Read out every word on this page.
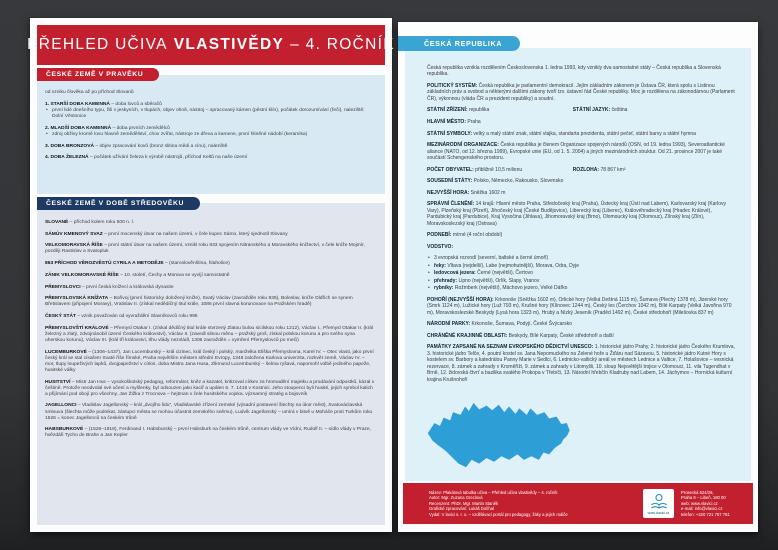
PŘEHLED UČIVA VLASTIVĚDY – 4. ROČNÍK
ČESKÉ ZEMĚ V PRAVĚKU

od vzniku člověka až po příchod Slovanů

1. STARŠÍ DOBA KAMENNÁ – doba lovců a sběračů

• první lidé dnešního typu, žili v jeskyních, v tlupách, objev ohně, nástroj – opracovaný kámen (pěstní klín), počátek dorozumívání (řeči), naleziště: Dolní Věstonice

2. MLADŠÍ DOBA KAMENNÁ – doba prvních zemědělců

• zdroj obživy kromě lovu hlavně zemědělství, chov zvířat, nástroje ze dřeva a kamene, první hliněné nádobí (keramika)

3. DOBA BRONZOVÁ – objev zpracování kovů (bronz slitina mědi a cínu), naleziště

4. DOBA ŽELEZNÁ – počátek užívání železa k výrobě nástrojů, příchod Keltů na naše území

ČESKÉ ZEMĚ V DOBĚ STŘEDOVĚKU

SLOVANÉ – příchod kolem roku 500 n. l.

SÁMŮV KMENOVÝ SVAZ – první mocenský útvar na našem území, v čele kupec Sámo, který sjednotil Slovany

VELKOMORAVSKÁ ŘÍŠE – první státní útvar na našem území, vznikl roku 833 spojením Nitranského a Moravského knížectví, v čele kníže Mojmír, později Rastislav a Svatopluk

863 PŘÍCHOD VĚROZVĚSTŮ CYRILA A METODĚJE – (staroslověnština, hlaholice)

ZÁNIK VELKOMORAVSKÉ ŘÍŠE – 10. století, Čechy a Morava se vyvíjí samostatně

PŘEMYSLOVCI – první česká knížecí a královská dynastie

PŘEMYSLOVSKÁ KNÍŽATA – Bořivoj (první historicky doložený kníže), Svatý Václav (zavražděn roku 935), Boleslav, kníže Oldřich se synem Břetislavem (připojení Moravy), Vratislav II. (získal nedědičný titul krále, 1086 první slavná korunovace na Pražském hradě)

ČESKÝ STÁT – vznik považován od vyvraždění Slavníkovců roku 995

PŘEMYSLOVŠTÍ KRÁLOVÉ – Přemysl Otakar I. (získal dědičný titul krále stvrzený Zlatou bulou sicilskou roku 1212), Václav I., Přemysl Otakar II. (král železný a zlatý, zdvojnásobil území Českého království), Václav II. (zavedl silnou měnu – pražský groš, získal polskou korunu a pro svého syna uherskou korunu), Václav III. (král tří království, tíhu vlády nezvládl, 1306 zavražděn = vymření Přemyslovců po meči)

LUCEMBURKOVÉ – (1306–1437), Jan Lucemburský – král cizinec, král český i polský, manželka Eliška Přemyslovna, Karel IV. – Otec vlasti, jako první český král se stal císařem Svaté říše římské, Praha největším městem střední Evropy, 1348 založena Karlova univerzita, rozkvět země, Václav IV. – mor, tlupy loupeživých lapků, dvojpapežství v církvi, doba Mistra Jana Husa, Zikmund Lucemburský – šelma ryšavá, napomohl volbě jediného papeže, husitské války

HUSITSTVÍ – Mistr Jan Hus – vysokoškolský pedagog, reformátor, kněz a kazatel, kritizoval církev za hromadění majetku a prodávání odpustků, kázal v češtině. Protože neodvolal své učení a myšlenky, byl odsouzen jako kacíř a upálen 6. 7. 1415 v Kostnici. Jeho stoupenci byli husité, jejich symbol kalich a přijímání pod obojí pro všechny. Jan Žižka z Trocnova – hejtman v čele husitského vojska, významný stratég a bojovník

JAGELLONCI – Vladislav Jagellonský – král „dvojího lidu“, Vladislavské zřízení zemské (výsadní postavení šlechty na úkor měst), Svatováclavská smlouva (šlechta může podnikat, zástupci města se mohou účastnit zemského sněmu), Ludvík Jagellonský – umírá v bitvě u Moháče proti Turkům roku 1526 = konec Jagellonců na českém trůně

HABSBURKOVÉ – (1526–1918), Ferdinand I. Habsburský – první Habsburk na českém trůně, centrum vlády ve Vídni, Rudolf II. – sídlo vlády v Praze, hvězdáři Tycho de Brahe a Jan Kepler

ČESKÁ REPUBLIKA

Česká republika vznikla rozdělením Československa 1. ledna 1993, kdy vznikly dva samostatné státy – Česká republika a Slovenská republika.

POLITICKÝ SYSTÉM: Česká republika je parlamentní demokracií. Jejím základním zákonem je Ústava ČR, která spolu s Listinou základních práv a svobod a některými dalšími zákony tvoří tzv. ústavní řád České republiky. Moc je rozdělena na zákonodárnou (Parlament ČR), výkonnou (vláda ČR a prezident republiky) a soudní.

STÁTNÍ ZŘÍZENÍ: republika	STÁTNÍ JAZYK: čeština

HLAVNÍ MĚSTO: Praha

STÁTNÍ SYMBOLY: velký a malý státní znak, státní vlajka, standarta prezidenta, státní pečeť, státní barvy a státní hymna

MEZINÁRODNÍ ORGANIZACE: Česká republika je členem Organizace spojených národů (OSN, od 19. ledna 1993), Severoatlantické aliance (NATO, od 12. března 1999), Evropské unie (EU, od 1. 5. 2004) a jiných mezinárodních struktur. Od 21. prosince 2007 je také součástí Schengenského prostoru.

POČET OBYVATEL: přibližně 10,5 milionu	ROZLOHA: 78 867 km²

SOUSEDNÍ STÁTY: Polsko, Německo, Rakousko, Slovensko

NEJVYŠŠÍ HORA: Sněžka 1602 m

SPRÁVNÍ ČLENĚNÍ: 14 krajů: Hlavní město Praha, Středočeský kraj (Praha), Ústecký kraj (Ústí nad Labem), Karlovarský kraj (Karlovy Vary), Plzeňský kraj (Plzeň), Jihočeský kraj (České Budějovice), Liberecký kraj (Liberec), Královéhradecký kraj (Hradec Králové), Pardubický kraj (Pardubice), Kraj Vysočina (Jihlava), Jihomoravský kraj (Brno), Olomoucký kraj (Olomouc), Zlínský kraj (Zlín), Moravskoslezský kraj (Ostrava)

PODNEBÍ: mírné (4 roční období)

VODSTVO:

• 3 evropská rozvodí (severní, baltské a černé úmoří)

• řeky: Vltava (nejdelší), Labe (nejmohutnější), Morava, Odra, Dyje

• ledovcová jezera: Černé (největší), Čertovo

• přehrady: Lipno (největší), Orlík, Slapy, Vranov

• rybníky: Rožmberk (největší), Máchovo jezero, Velké Dářko

POHOŘÍ (NEJVYŠŠÍ HORA): Krkonoše (Sněžka 1602 m), Orlické hory (Velká Deštná 1115 m), Šumava (Plechý 1378 m), Jizerské hory (Smrk 1124 m), Lužické hory (Luž 793 m), Krušné hory (Klínovec 1244 m), Český les (Čerchov 1042 m), Bílé Karpaty (Velká Javořina 970 m), Moravskoslezské Beskydy (Lysá hora 1323 m), Hrubý a Nízký Jeseník (Praděd 1492 m), České středohoří (Milešovka 837 m)

NÁRODNÍ PARKY: Krkonoše, Šumava, Podyjí, České Švýcarsko

CHRÁNĚNÉ KRAJINNÉ OBLASTI: Beskydy, Bílé Karpaty, České středohoří a další

PAMÁTKY ZAPSANÉ NA SEZNAM EVROPSKÉHO DĚDICTVÍ UNESCO: 1. historické jádro Prahy, 2. historické jádro Českého Krumlova, 3. historické jádro Telče, 4. poutní kostel sv. Jana Nepomuckého na Zelené hoře u Žďáru nad Sázavou, 5. historické jádro Kutné Hory s kostelem sv. Barbory a katedrálou Panny Marie v Sedlci, 6. Lednicko-valtický areál ve městech Lednice a Valtice, 7. Holašovice – vesnická rezervace, 8. zámek a zahrady v Kroměříži, 9. zámek a zahrady v Litomyšli, 10. sloup Nejsvětější trojice v Olomouci, 11. vila Tugendhat v Brně, 12. židovská čtvrť a bazilika svatého Prokopa v Třebíči, 13. Národní hřebčín Kladruby nad Labem, 14. Jáchymov – Hornická kulturní krajina Krušnohoří

Název: Plakátová tabulka učiva – Přehled učiva vlastivědy – 4. ročník

Autor: Mgr. Zuzana Greclová

Recenzent: PhDr. Mgr. Martin Staněk

Grafické zpracování: Lukáš Dolíhal

Vydal: V lavici s. r. o. – vzdělávací portál pro pedagogy, žáky a jejich rodiče	www.vlavici.cz

Prosecká 524/26,

Praha 8 – Libeň, 180 00

web: www.vlavici.cz

e-mail: info@vlavici.cz

telefon: +420 721 757 761
